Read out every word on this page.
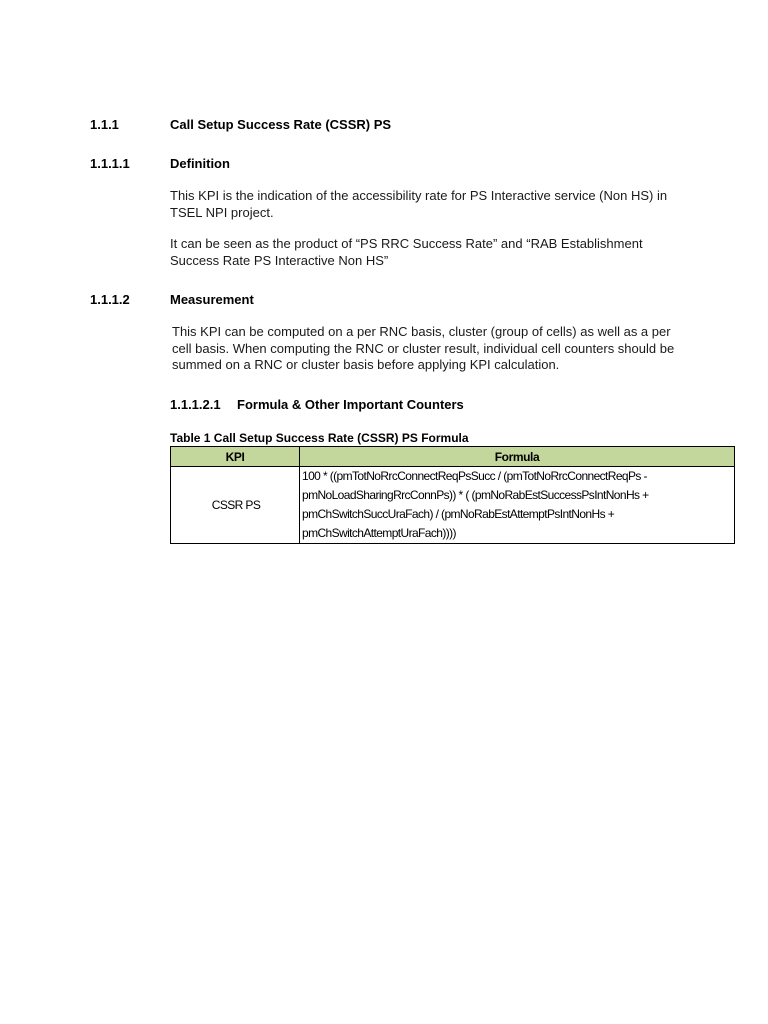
1.1.1	Call Setup Success Rate (CSSR) PS
1.1.1.1	Definition
This KPI is the indication of the accessibility rate for PS Interactive service (Non HS) in TSEL NPI project.
It can be seen as the product of “PS RRC Success Rate” and “RAB Establishment Success Rate PS Interactive Non HS”
1.1.1.2	Measurement
This KPI can be computed on a per RNC basis, cluster (group of cells) as well as a per cell basis. When computing the RNC or cluster result, individual cell counters should be summed on a RNC or cluster basis before applying KPI calculation.
1.1.1.2.1 Formula & Other Important Counters
Table 1 Call Setup Success Rate (CSSR) PS Formula
KPI	Formula
CSSR PS	100 * ((pmTotNoRrcConnectReqPsSucc / (pmTotNoRrcConnectReqPs -
pmNoLoadSharingRrcConnPs)) * ( (pmNoRabEstSuccessPsIntNonHs +
pmChSwitchSuccUraFach) / (pmNoRabEstAttemptPsIntNonHs +
pmChSwitchAttemptUraFach))))
